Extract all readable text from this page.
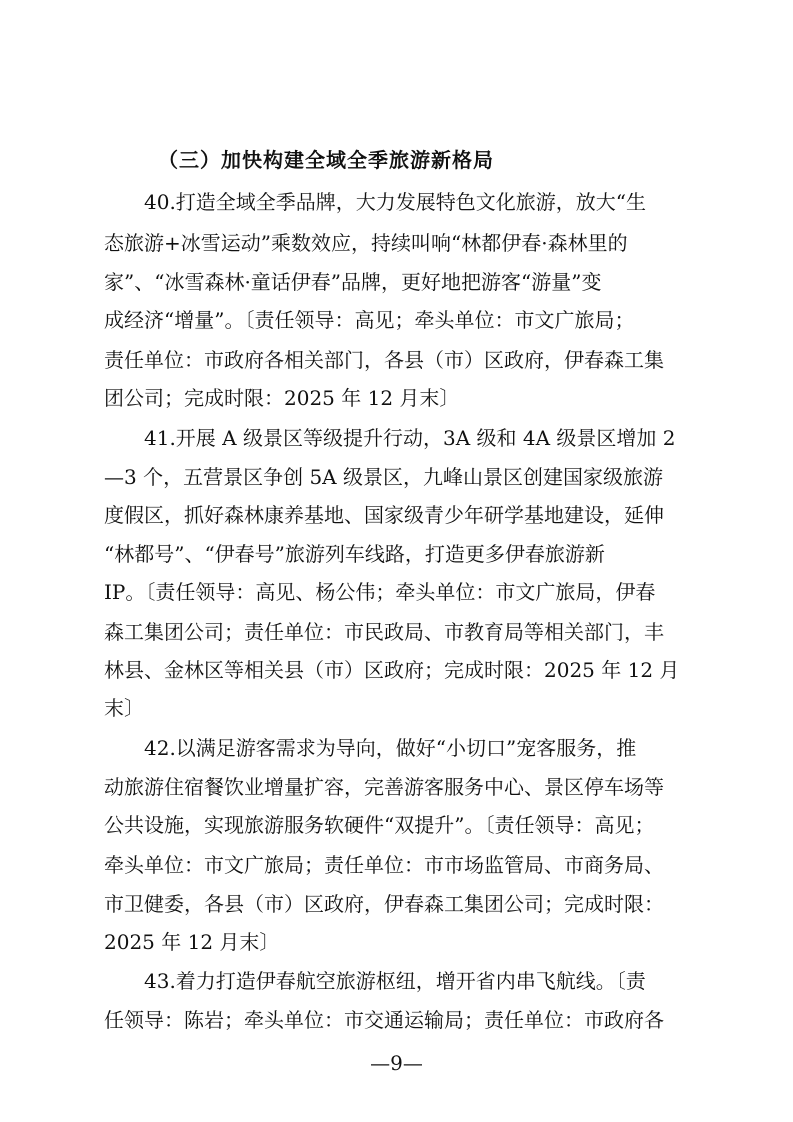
（三）加快构建全域全季旅游新格局
40.打造全域全季品牌，大力发展特色文化旅游，放大“生
态旅游+冰雪运动”乘数效应，持续叫响“林都伊春·森林里的
家”、“冰雪森林·童话伊春”品牌，更好地把游客“游量”变
成经济“增量”。〔责任领导：高见；牵头单位：市文广旅局；
责任单位：市政府各相关部门，各县（市）区政府，伊春森工集
团公司；完成时限：2025 年 12 月末〕
41.开展 A 级景区等级提升行动，3A 级和 4A 级景区增加 2
—3 个，五营景区争创 5A 级景区，九峰山景区创建国家级旅游
度假区，抓好森林康养基地、国家级青少年研学基地建设，延伸
“林都号”、“伊春号”旅游列车线路，打造更多伊春旅游新
IP。〔责任领导：高见、杨公伟；牵头单位：市文广旅局，伊春
森工集团公司；责任单位：市民政局、市教育局等相关部门，丰
林县、金林区等相关县（市）区政府；完成时限：2025 年 12 月
末〕
42.以满足游客需求为导向，做好“小切口”宠客服务，推
动旅游住宿餐饮业增量扩容，完善游客服务中心、景区停车场等
公共设施，实现旅游服务软硬件“双提升”。〔责任领导：高见；
牵头单位：市文广旅局；责任单位：市市场监管局、市商务局、
市卫健委，各县（市）区政府，伊春森工集团公司；完成时限：
2025 年 12 月末〕
43.着力打造伊春航空旅游枢纽，增开省内串飞航线。〔责
任领导：陈岩；牵头单位：市交通运输局；责任单位：市政府各
—9—
